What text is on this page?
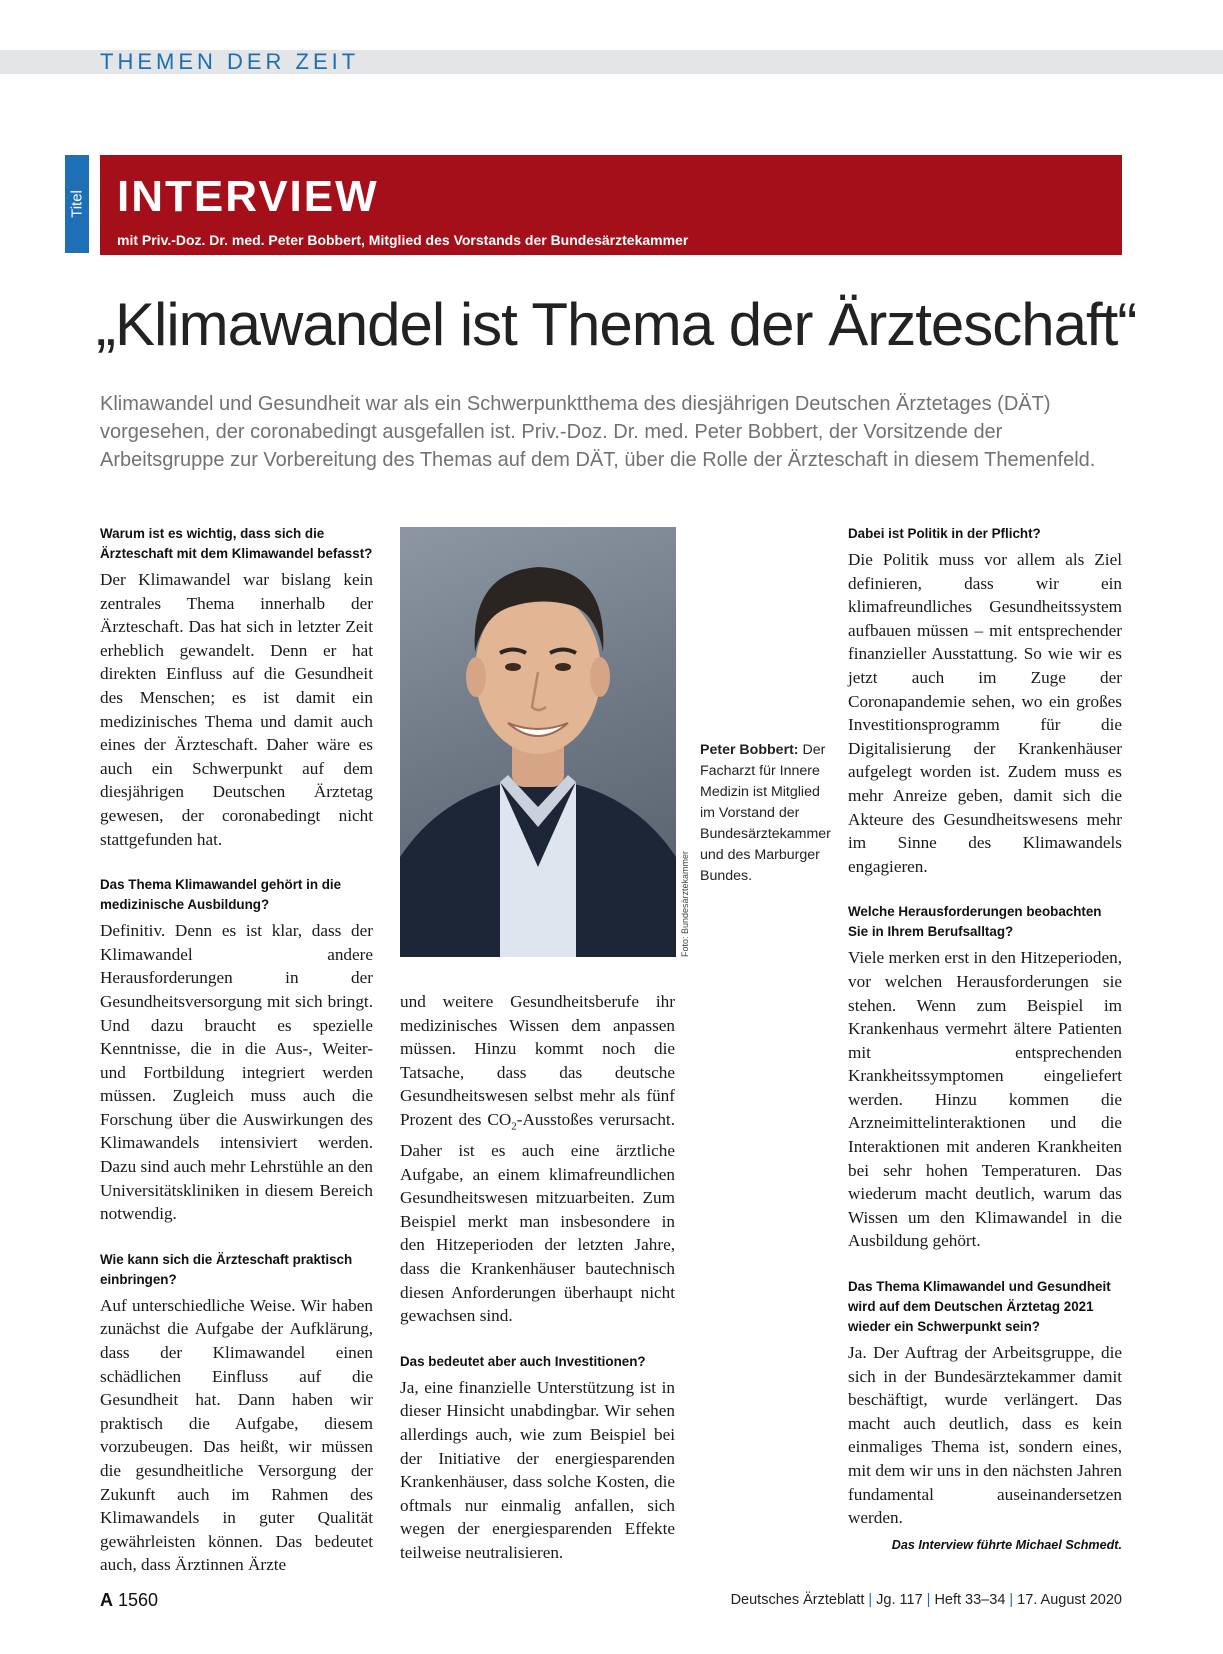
THEMEN DER ZEIT
Titel INTERVIEW
mit Priv.-Doz. Dr. med. Peter Bobbert, Mitglied des Vorstands der Bundesärztekammer
„Klimawandel ist Thema der Ärzteschaft“

Klimawandel und Gesundheit war als ein Schwerpunktthema des diesjährigen Deutschen Ärztetages (DÄT) vorgesehen, der coronabedingt ausgefallen ist. Priv.-Doz. Dr. med. Peter Bobbert, der Vorsitzende der Arbeitsgruppe zur Vorbereitung des Themas auf dem DÄT, über die Rolle der Ärzteschaft in diesem Themenfeld.

Warum ist es wichtig, dass sich die Ärzteschaft mit dem Klimawandel befasst?

Der Klimawandel war bislang kein zentrales Thema innerhalb der Ärzteschaft. Das hat sich in letzter Zeit erheblich gewandelt. Denn er hat direkten Einfluss auf die Gesundheit des Menschen; es ist damit ein medizinisches Thema und damit auch eines der Ärzteschaft. Daher wäre es auch ein Schwerpunkt auf dem diesjährigen Deutschen Ärztetag gewesen, der coronabedingt nicht stattgefunden hat.

Das Thema Klimawandel gehört in die medizinische Ausbildung?

Definitiv. Denn es ist klar, dass der Klimawandel andere Herausforderungen in der Gesundheitsversorgung mit sich bringt. Und dazu braucht es spezielle Kenntnisse, die in die Aus-, Weiter- und Fortbildung integriert werden müssen. Zugleich muss auch die Forschung über die Auswirkungen des Klimawandels intensiviert werden. Dazu sind auch mehr Lehrstühle an den Universitätskliniken in diesem Bereich notwendig.

Wie kann sich die Ärzteschaft praktisch einbringen?

Auf unterschiedliche Weise. Wir haben zunächst die Aufgabe der Aufklärung, dass der Klimawandel einen schädlichen Einfluss auf die Gesundheit hat. Dann haben wir praktisch die Aufgabe, diesem vorzubeugen. Das heißt, wir müssen die gesundheitliche Versorgung der Zukunft auch im Rahmen des Klimawandels in guter Qualität gewährleisten können. Das bedeutet auch, dass Ärztinnen Ärzte

Foto: Bundesärztekammer
Peter Bobbert: Der Facharzt für Innere Medizin ist Mitglied im Vorstand der Bundesärztekammer und des Marburger Bundes.

und weitere Gesundheitsberufe ihr medizinisches Wissen dem anpassen müssen. Hinzu kommt noch die Tatsache, dass das deutsche Gesundheitswesen selbst mehr als fünf Prozent des $CO_2$-Ausstoßes verursacht. Daher ist es auch eine ärztliche Aufgabe, an einem klimafreundlichen Gesundheitswesen mitzuarbeiten. Zum Beispiel merkt man insbesondere in den Hitzeperioden der letzten Jahre, dass die Krankenhäuser bautechnisch diesen Anforderungen überhaupt nicht gewachsen sind.

Das bedeutet aber auch Investitionen?

Ja, eine finanzielle Unterstützung ist in dieser Hinsicht unabdingbar. Wir sehen allerdings auch, wie zum Beispiel bei der Initiative der energiesparenden Krankenhäuser, dass solche Kosten, die oftmals nur einmalig anfallen, sich wegen der energiesparenden Effekte teilweise neutralisieren.

Dabei ist Politik in der Pflicht?

Die Politik muss vor allem als Ziel definieren, dass wir ein klimafreundliches Gesundheitssystem aufbauen müssen – mit entsprechender finanzieller Ausstattung. So wie wir es jetzt auch im Zuge der Coronapandemie sehen, wo ein großes Investitionsprogramm für die Digitalisierung der Krankenhäuser aufgelegt worden ist. Zudem muss es mehr Anreize geben, damit sich die Akteure des Gesundheitswesens mehr im Sinne des Klimawandels engagieren.

Welche Herausforderungen beobachten Sie in Ihrem Berufsalltag?

Viele merken erst in den Hitzeperioden, vor welchen Herausforderungen sie stehen. Wenn zum Beispiel im Krankenhaus vermehrt ältere Patienten mit entsprechenden Krankheitssymptomen eingeliefert werden. Hinzu kommen die Arzneimittelinteraktionen und die Interaktionen mit anderen Krankheiten bei sehr hohen Temperaturen. Das wiederum macht deutlich, warum das Wissen um den Klimawandel in die Ausbildung gehört.

Das Thema Klimawandel und Gesundheit wird auf dem Deutschen Ärztetag 2021 wieder ein Schwerpunkt sein?

Ja. Der Auftrag der Arbeitsgruppe, die sich in der Bundesärztekammer damit beschäftigt, wurde verlängert. Das macht auch deutlich, dass es kein einmaliges Thema ist, sondern eines, mit dem wir uns in den nächsten Jahren fundamental auseinandersetzen werden.

Das Interview führte Michael Schmedt.
A 1560	Deutsches Ärzteblatt | Jg. 117 | Heft 33–34 | 17. August 2020
